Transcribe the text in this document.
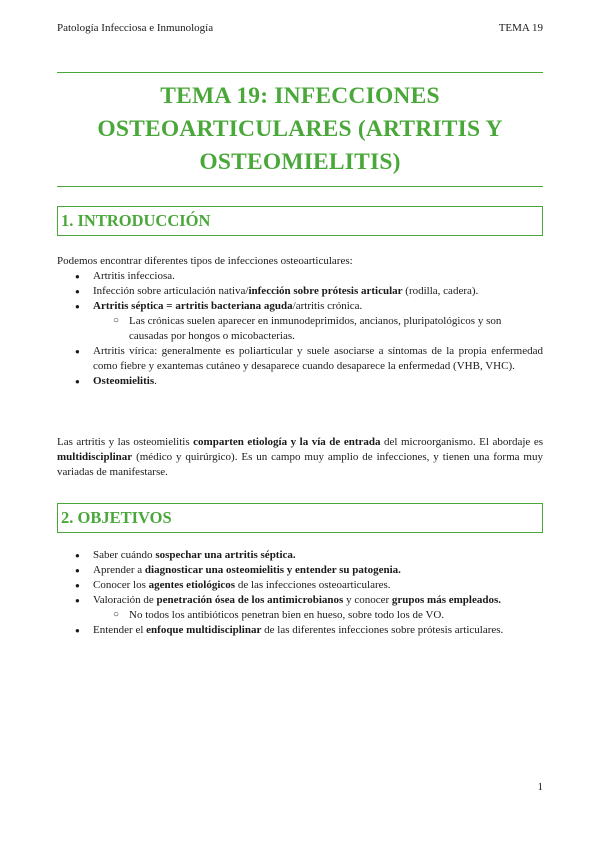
Patología Infecciosa e Inmunología	TEMA 19
TEMA 19: INFECCIONES
OSTEOARTICULARES (ARTRITIS Y
OSTEOMIELITIS)
1. INTRODUCCIÓN
Podemos encontrar diferentes tipos de infecciones osteoarticulares:
● Artritis infecciosa.
● Infección sobre articulación nativa/infección sobre prótesis articular (rodilla, cadera).
● Artritis séptica = artritis bacteriana aguda/artritis crónica.
○ Las crónicas suelen aparecer en inmunodeprimidos, ancianos, pluripatológicos y son causadas por hongos o micobacterias.
● Artritis vírica: generalmente es poliarticular y suele asociarse a síntomas de la propia enfermedad como fiebre y exantemas cutáneo y desaparece cuando desaparece la enfermedad (VHB, VHC).
● Osteomielitis.
Las artritis y las osteomielitis comparten etiología y la vía de entrada del microorganismo. El abordaje es multidisciplinar (médico y quirúrgico). Es un campo muy amplio de infecciones, y tienen una forma muy variadas de manifestarse.
2. OBJETIVOS
● Saber cuándo sospechar una artritis séptica.
● Aprender a diagnosticar una osteomielitis y entender su patogenia.
● Conocer los agentes etiológicos de las infecciones osteoarticulares.
● Valoración de penetración ósea de los antimicrobianos y conocer grupos más empleados.
○ No todos los antibióticos penetran bien en hueso, sobre todo los de VO.
● Entender el enfoque multidisciplinar de las diferentes infecciones sobre prótesis articulares.
1
